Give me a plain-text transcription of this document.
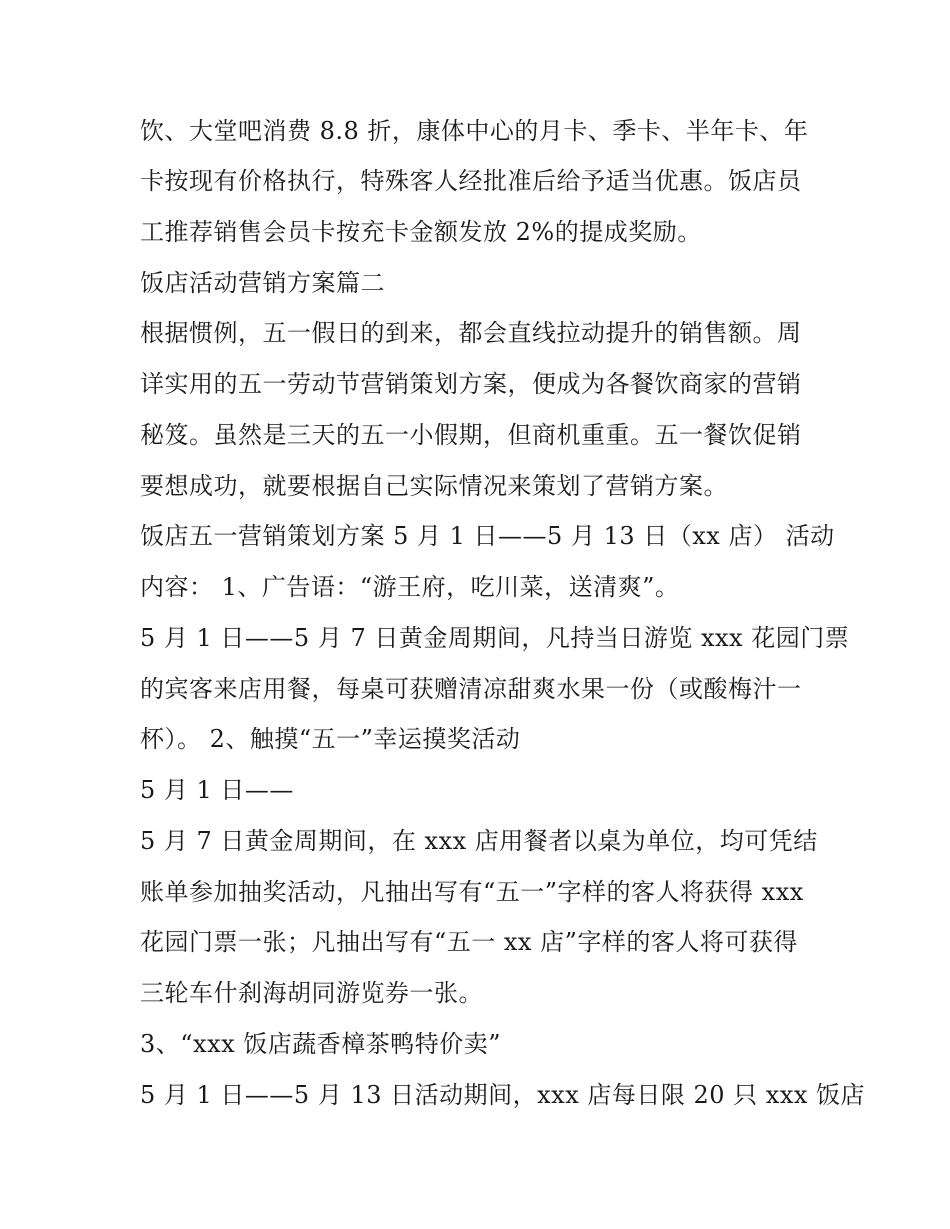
饮、大堂吧消费 8.8 折，康体中心的月卡、季卡、半年卡、年
卡按现有价格执行，特殊客人经批准后给予适当优惠。饭店员
工推荐销售会员卡按充卡金额发放 2%的提成奖励。
饭店活动营销方案篇二
根据惯例，五一假日的到来，都会直线拉动提升的销售额。周
详实用的五一劳动节营销策划方案，便成为各餐饮商家的营销
秘笈。虽然是三天的五一小假期，但商机重重。五一餐饮促销
要想成功，就要根据自己实际情况来策划了营销方案。
饭店五一营销策划方案 5 月 1 日——5 月 13 日（xx 店） 活动
内容： 1、广告语：“游王府，吃川菜，送清爽”。
5 月 1 日——5 月 7 日黄金周期间，凡持当日游览 xxx 花园门票
的宾客来店用餐，每桌可获赠清凉甜爽水果一份（或酸梅汁一
杯）。 2、触摸“五一”幸运摸奖活动
5 月 1 日——
5 月 7 日黄金周期间，在 xxx 店用餐者以桌为单位，均可凭结
账单参加抽奖活动，凡抽出写有“五一”字样的客人将获得 xxx
花园门票一张；凡抽出写有“五一 xx 店”字样的客人将可获得
三轮车什刹海胡同游览券一张。
3、“xxx 饭店蔬香樟茶鸭特价卖”
5 月 1 日——5 月 13 日活动期间，xxx 店每日限 20 只 xxx 饭店
